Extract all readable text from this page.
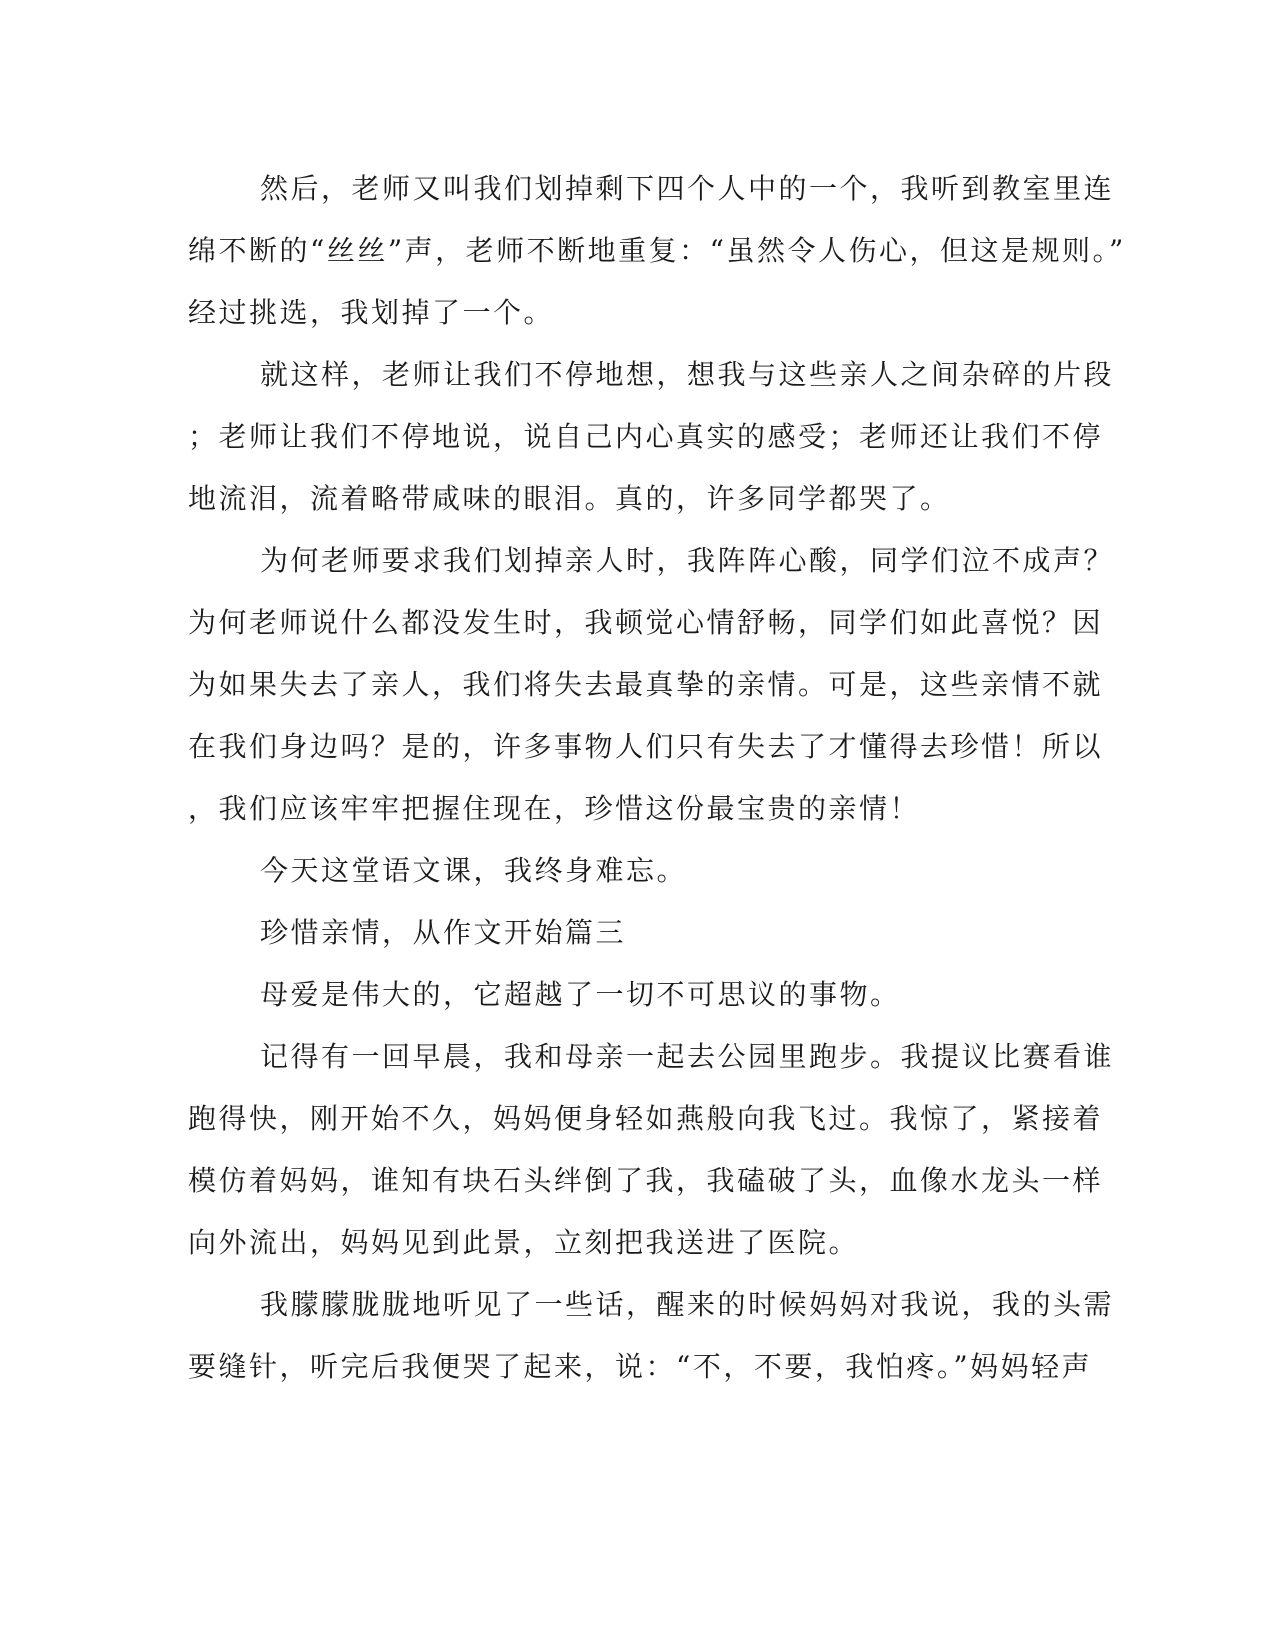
然后，老师又叫我们划掉剩下四个人中的一个，我听到教室里连
绵不断的“丝丝”声，老师不断地重复：“虽然令人伤心，但这是规则。”
经过挑选，我划掉了一个。
就这样，老师让我们不停地想，想我与这些亲人之间杂碎的片段
；老师让我们不停地说，说自己内心真实的感受；老师还让我们不停
地流泪，流着略带咸味的眼泪。真的，许多同学都哭了。
为何老师要求我们划掉亲人时，我阵阵心酸，同学们泣不成声？
为何老师说什么都没发生时，我顿觉心情舒畅，同学们如此喜悦？因
为如果失去了亲人，我们将失去最真挚的亲情。可是，这些亲情不就
在我们身边吗？是的，许多事物人们只有失去了才懂得去珍惜！所以
，我们应该牢牢把握住现在，珍惜这份最宝贵的亲情！
今天这堂语文课，我终身难忘。
珍惜亲情，从作文开始篇三
母爱是伟大的，它超越了一切不可思议的事物。
记得有一回早晨，我和母亲一起去公园里跑步。我提议比赛看谁
跑得快，刚开始不久，妈妈便身轻如燕般向我飞过。我惊了，紧接着
模仿着妈妈，谁知有块石头绊倒了我，我磕破了头，血像水龙头一样
向外流出，妈妈见到此景，立刻把我送进了医院。
我朦朦胧胧地听见了一些话，醒来的时候妈妈对我说，我的头需
要缝针，听完后我便哭了起来，说：“不，不要，我怕疼。”妈妈轻声
